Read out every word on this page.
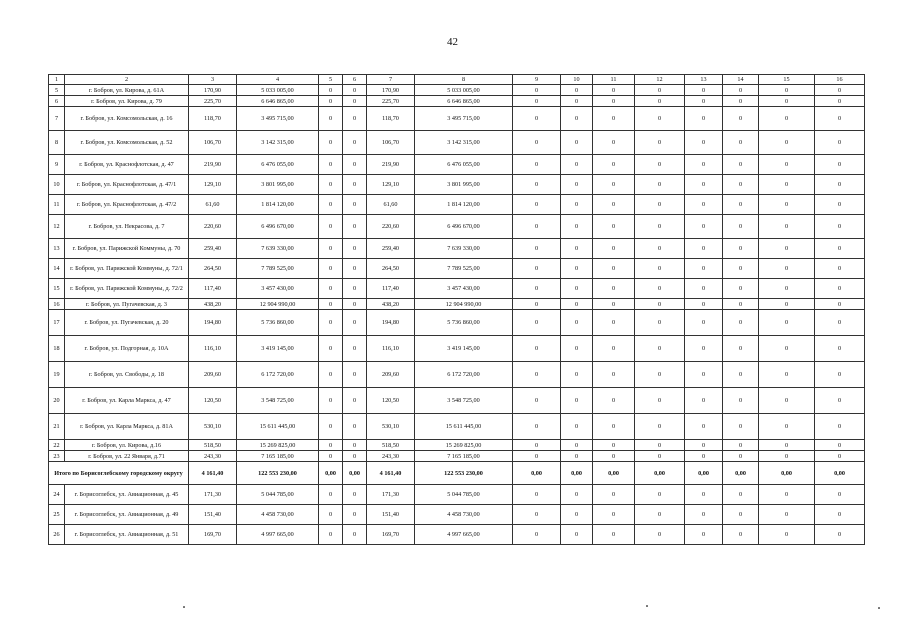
42
1	2	3	4	5	6	7	8	9	10	11	12	13	14	15	16
5	г. Бобров, ул. Кирова, д. 61А	170,90	5 033 005,00	0	0	170,90	5 033 005,00	0	0	0	0	0	0	0	0
6	г. Бобров, ул. Кирова, д. 79	225,70	6 646 865,00	0	0	225,70	6 646 865,00	0	0	0	0	0	0	0	0
7	г. Бобров, ул. Комсомольская, д. 16	118,70	3 495 715,00	0	0	118,70	3 495 715,00	0	0	0	0	0	0	0	0
8	г. Бобров, ул. Комсомольская, д. 52	106,70	3 142 315,00	0	0	106,70	3 142 315,00	0	0	0	0	0	0	0	0
9	г. Бобров, ул. Краснофлотская, д. 47	219,90	6 476 055,00	0	0	219,90	6 476 055,00	0	0	0	0	0	0	0	0
10	г. Бобров, ул. Краснофлотская, д. 47/1	129,10	3 801 995,00	0	0	129,10	3 801 995,00	0	0	0	0	0	0	0	0
11	г. Бобров, ул. Краснофлотская, д. 47/2	61,60	1 814 120,00	0	0	61,60	1 814 120,00	0	0	0	0	0	0	0	0
12	г. Бобров, ул. Некрасова, д. 7	220,60	6 496 670,00	0	0	220,60	6 496 670,00	0	0	0	0	0	0	0	0
13	г. Бобров, ул. Парижской Коммуны, д. 70	259,40	7 639 330,00	0	0	259,40	7 639 330,00	0	0	0	0	0	0	0	0
14	г. Бобров, ул. Парижской Коммуны, д. 72/1	264,50	7 789 525,00	0	0	264,50	7 789 525,00	0	0	0	0	0	0	0	0
15	г. Бобров, ул. Парижской Коммуны, д. 72/2	117,40	3 457 430,00	0	0	117,40	3 457 430,00	0	0	0	0	0	0	0	0
16	г. Бобров, ул. Пугачевская, д. 3	438,20	12 904 990,00	0	0	438,20	12 904 990,00	0	0	0	0	0	0	0	0
17	г. Бобров, ул. Пугачевская, д. 20	194,80	5 736 860,00	0	0	194,80	5 736 860,00	0	0	0	0	0	0	0	0
18	г. Бобров, ул. Подгорная, д. 10А	116,10	3 419 145,00	0	0	116,10	3 419 145,00	0	0	0	0	0	0	0	0
19	г. Бобров, ул. Свободы, д. 18	209,60	6 172 720,00	0	0	209,60	6 172 720,00	0	0	0	0	0	0	0	0
20	г. Бобров, ул. Карла Маркса, д. 47	120,50	3 548 725,00	0	0	120,50	3 548 725,00	0	0	0	0	0	0	0	0
21	г. Бобров, ул. Карла Маркса, д. 81А	530,10	15 611 445,00	0	0	530,10	15 611 445,00	0	0	0	0	0	0	0	0
22	г. Бобров, ул. Кирова, д.16	518,50	15 269 825,00	0	0	518,50	15 269 825,00	0	0	0	0	0	0	0	0
23	г. Бобров, ул. 22 Января, д.71	243,30	7 165 185,00	0	0	243,30	7 165 185,00	0	0	0	0	0	0	0	0
Итого по Борисоглебскому городскому округу		4 161,40	122 553 230,00	0,00	0,00	4 161,40	122 553 230,00	0,00	0,00	0,00	0,00	0,00	0,00	0,00	0,00
24	г. Борисоглебск, ул. Авиационная, д. 45	171,30	5 044 785,00	0	0	171,30	5 044 785,00	0	0	0	0	0	0	0	0
25	г. Борисоглебск, ул. Авиационная, д. 49	151,40	4 458 730,00	0	0	151,40	4 458 730,00	0	0	0	0	0	0	0	0
26	г. Борисоглебск, ул. Авиационная, д. 51	169,70	4 997 665,00	0	0	169,70	4 997 665,00	0	0	0	0	0	0	0	0
